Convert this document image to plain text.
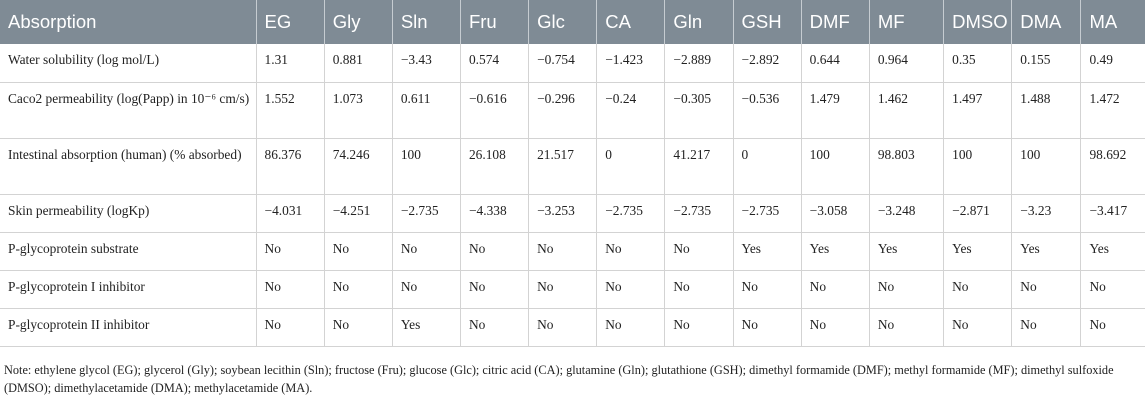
Absorption	EG	Gly	Sln	Fru	Glc	CA	Gln	GSH	DMF	MF	DMSO	DMA	MA
Water solubility (log mol/L)	1.31	0.881	−3.43	0.574	−0.754	−1.423	−2.889	−2.892	0.644	0.964	0.35	0.155	0.49
Caco2 permeability (log(Papp) in 10⁻⁶ cm/s)	1.552	1.073	0.611	−0.616	−0.296	−0.24	−0.305	−0.536	1.479	1.462	1.497	1.488	1.472
Intestinal absorption (human) (% absorbed)	86.376	74.246	100	26.108	21.517	0	41.217	0	100	98.803	100	100	98.692
Skin permeability (logKp)	−4.031	−4.251	−2.735	−4.338	−3.253	−2.735	−2.735	−2.735	−3.058	−3.248	−2.871	−3.23	−3.417
P-glycoprotein substrate	No	No	No	No	No	No	No	Yes	Yes	Yes	Yes	Yes	Yes
P-glycoprotein I inhibitor	No	No	No	No	No	No	No	No	No	No	No	No	No
P-glycoprotein II inhibitor	No	No	Yes	No	No	No	No	No	No	No	No	No	No
Note: ethylene glycol (EG); glycerol (Gly); soybean lecithin (Sln); fructose (Fru); glucose (Glc); citric acid (CA); glutamine (Gln); glutathione (GSH); dimethyl formamide (DMF); methyl formamide (MF); dimethyl sulfoxide (DMSO); dimethylacetamide (DMA); methylacetamide (MA).
